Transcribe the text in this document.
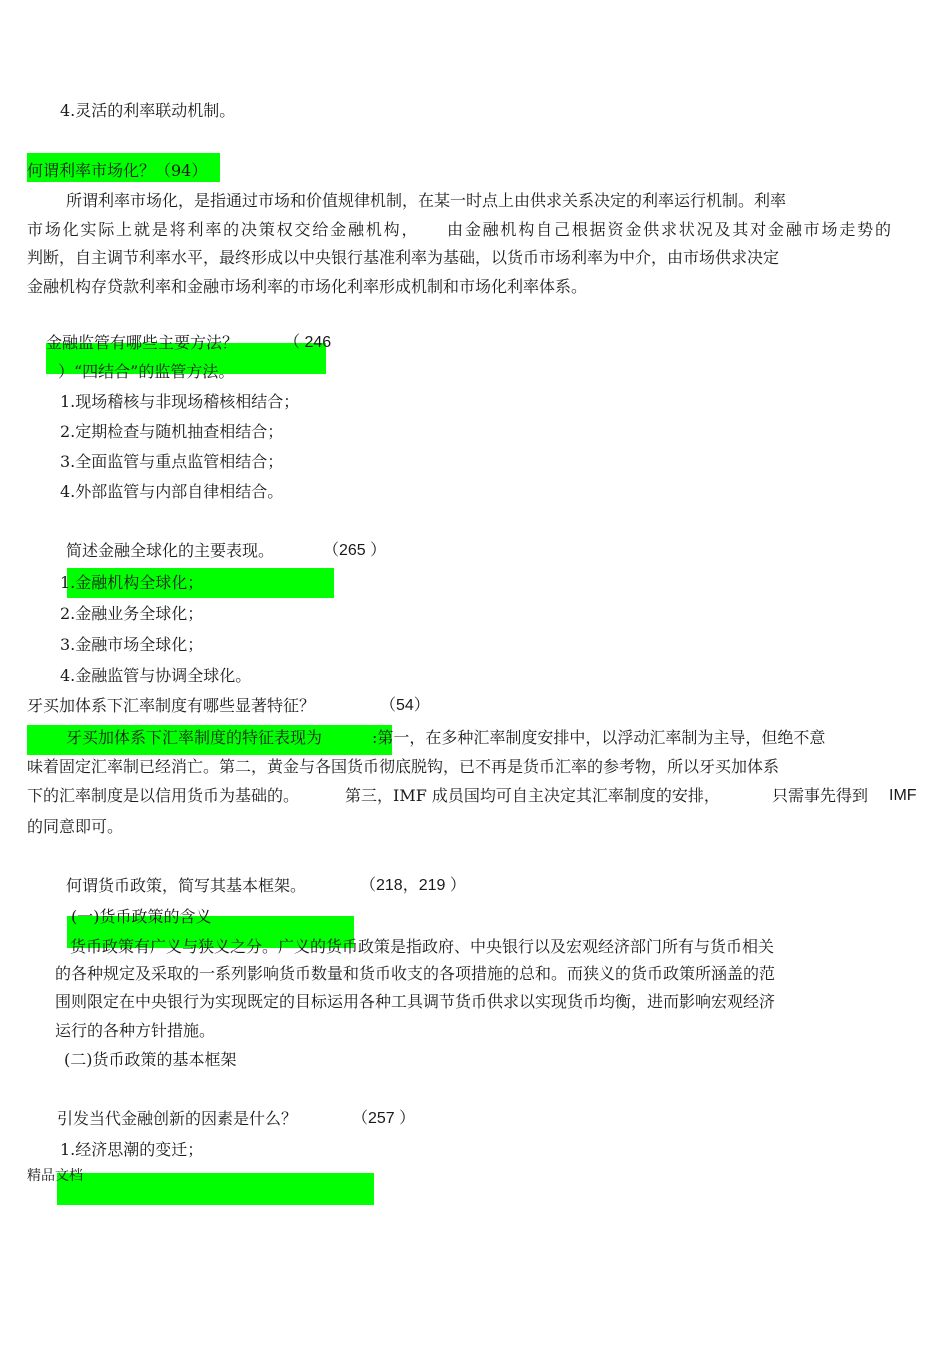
4.灵活的利率联动机制。
何谓利率市场化？（94）
所谓利率市场化，是指通过市场和价值规律机制，在某一时点上由供求关系决定的利率运行机制。利率
市场化实际上就是将利率的决策权交给金融机构，　　由金融机构自己根据资金供求状况及其对金融市场走势的
判断，自主调节利率水平，最终形成以中央银行基准利率为基础，以货币市场利率为中介，由市场供求决定
金融机构存贷款利率和金融市场利率的市场化利率形成机制和市场化利率体系。
金融监管有哪些主要方法？	（ 246
）“四结合”的监管方法。
1.现场稽核与非现场稽核相结合；
2.定期检查与随机抽查相结合；
3.全面监管与重点监管相结合；
4.外部监管与内部自律相结合。
简述金融全球化的主要表现。	（265 ）
1.金融机构全球化；
2.金融业务全球化；
3.金融市场全球化；
4.金融监管与协调全球化。
牙买加体系下汇率制度有哪些显著特征？	（54）
牙买加体系下汇率制度的特征表现为	:第一，在多种汇率制度安排中，以浮动汇率制为主导，但绝不意
味着固定汇率制已经消亡。第二，黄金与各国货币彻底脱钩，已不再是货币汇率的参考物，所以牙买加体系
下的汇率制度是以信用货币为基础的。	第三，IMF 成员国均可自主决定其汇率制度的安排，	只需事先得到 IMF
的同意即可。
何谓货币政策，简写其基本框架。	（218，219 ）
(一)货币政策的含义
货币政策有广义与狭义之分。广义的货币政策是指政府、中央银行以及宏观经济部门所有与货币相关
的各种规定及采取的一系列影响货币数量和货币收支的各项措施的总和。而狭义的货币政策所涵盖的范
围则限定在中央银行为实现既定的目标运用各种工具调节货币供求以实现货币均衡，进而影响宏观经济
运行的各种方针措施。
(二)货币政策的基本框架
引发当代金融创新的因素是什么？	（257 ）
1.经济思潮的变迁；
精品文档
